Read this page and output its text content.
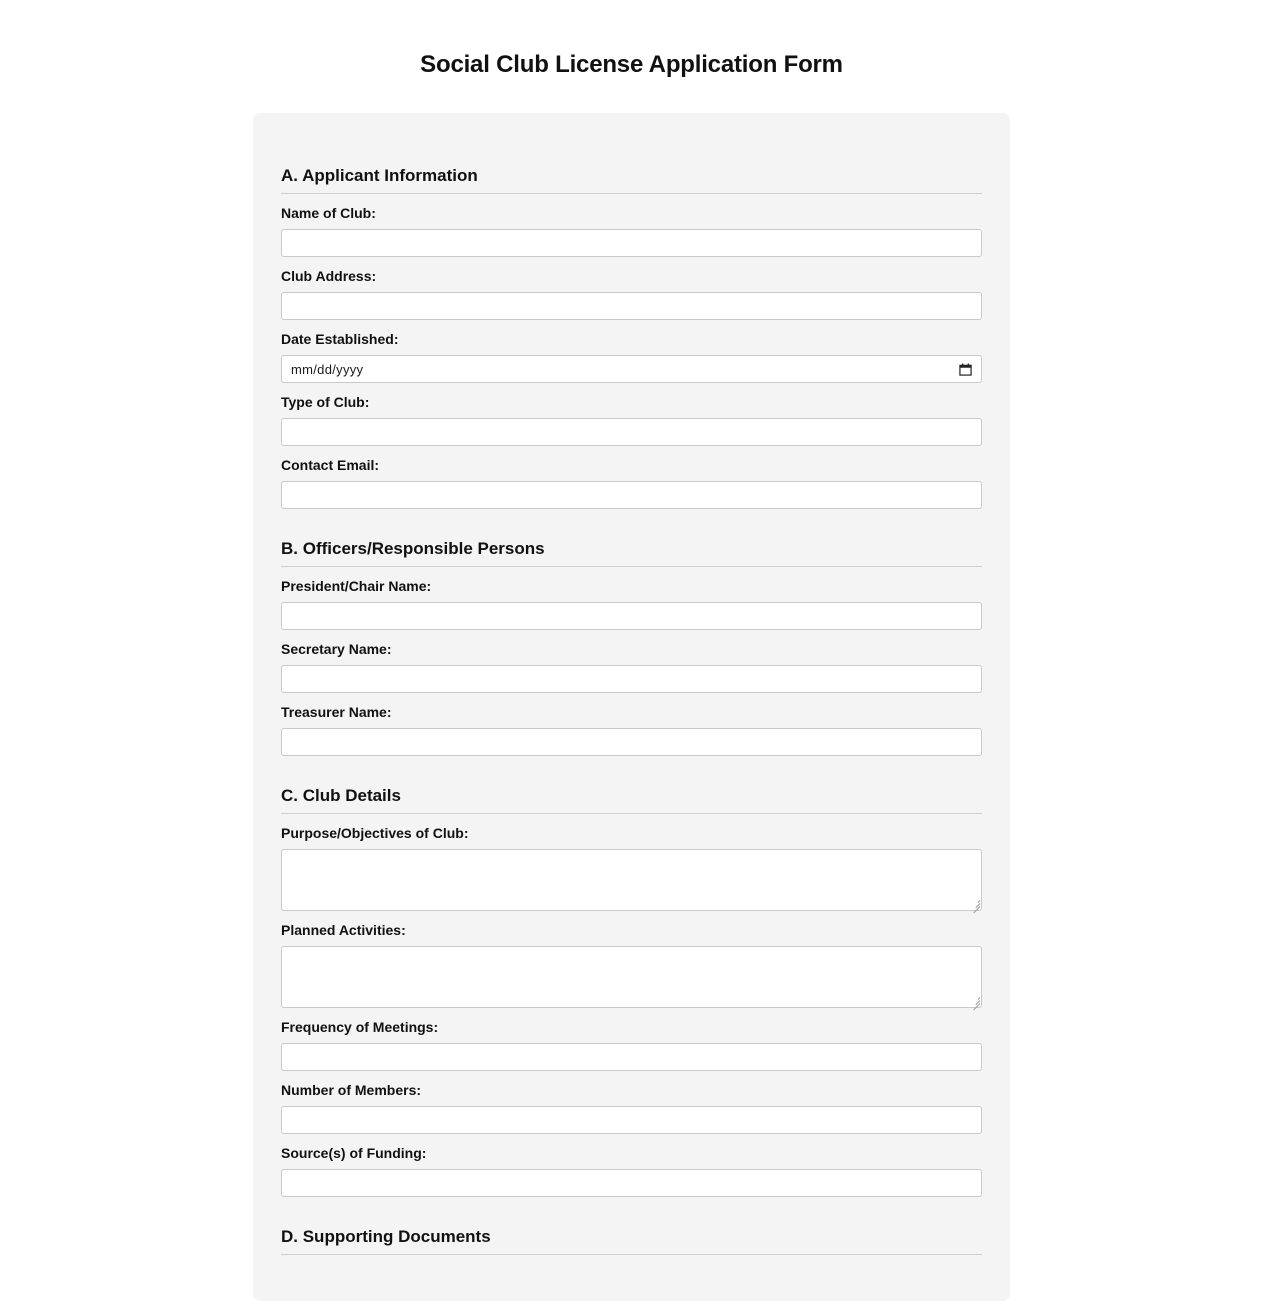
Social Club License Application Form
A. Applicant Information
Name of Club:
Club Address:
Date Established:
mm/dd/yyyy
Type of Club:
Contact Email:
B. Officers/Responsible Persons
President/Chair Name:
Secretary Name:
Treasurer Name:
C. Club Details
Purpose/Objectives of Club:
Planned Activities:
Frequency of Meetings:
Number of Members:
Source(s) of Funding:
D. Supporting Documents
